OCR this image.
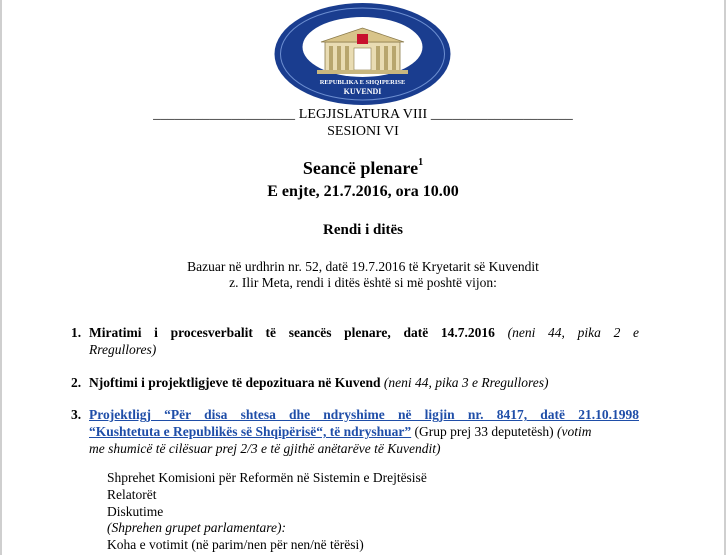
REPUBLIKA E SHQIPERISE
KUVENDI
____________________ LEGJISLATURA VIII ____________________
SESIONI VI
Seancë plenare$^1$
E enjte, 21.7.2016, ora 10.00
Rendi i ditës
Bazuar në urdhrin nr. 52, datë 19.7.2016 të Kryetarit së Kuvendit
z. Ilir Meta, rendi i ditës është si më poshtë vijon:
1. Miratimi i procesverbalit të seancës plenare, datë 14.7.2016 (neni 44, pika 2 e
Rregullores)
2. Njoftimi i projektligjeve të depozituara në Kuvend (neni 44, pika 3 e Rregullores)
3. Projektligj “Për disa shtesa dhe ndryshime në ligjin nr. 8417, datë 21.10.1998
“Kushtetuta e Republikës së Shqipërisë“, të ndryshuar” (Grup prej 33 deputetësh) (votim
me shumicë të cilësuar prej 2/3 e të gjithë anëtarëve të Kuvendit)
Shprehet Komisioni për Reformën në Sistemin e Drejtësisë
Relatorët
Diskutime
(Shprehen grupet parlamentare):
Koha e votimit (në parim/nen për nen/në tërësi)
